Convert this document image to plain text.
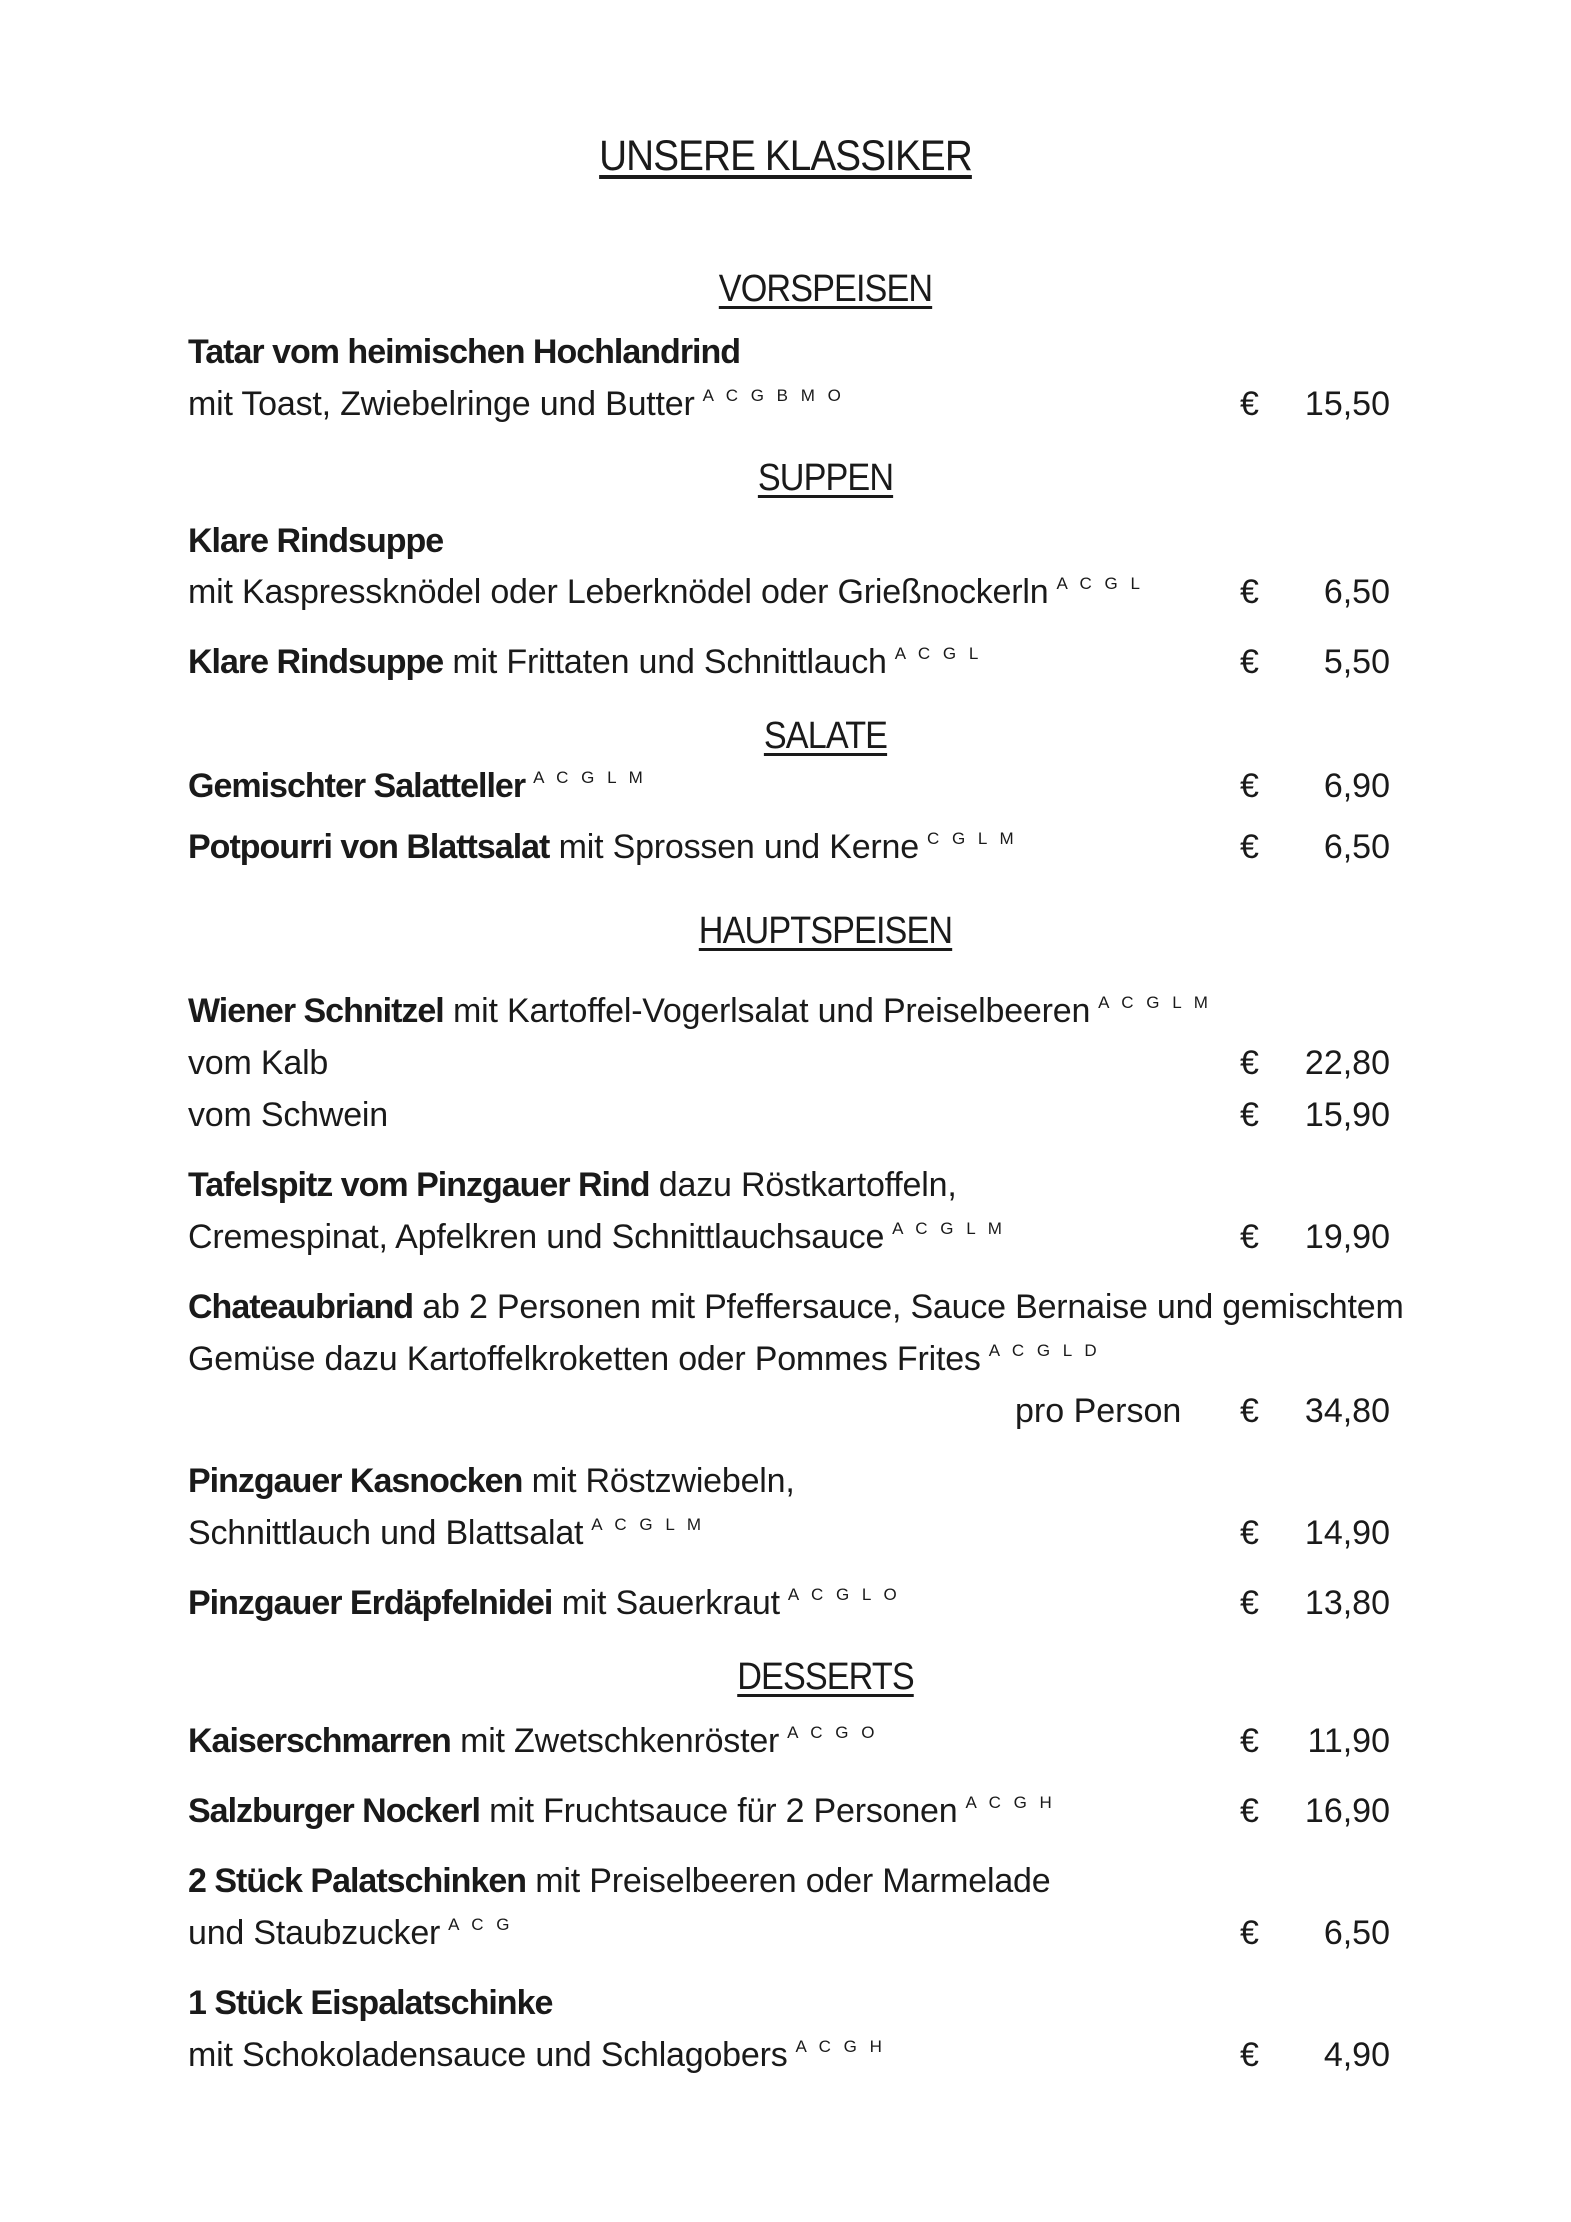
UNSERE KLASSIKER
VORSPEISEN
Tatar vom heimischen Hochlandrind
mit Toast, Zwiebelringe und Butter $^{A C G B M O}$	€	15,50
SUPPEN
Klare Rindsuppe
mit Kaspressknödel oder Leberknödel oder Grießnockerln $^{A C G L}$	€	6,50
Klare Rindsuppe mit Frittaten und Schnittlauch $^{A C G L}$	€	5,50
SALATE
Gemischter Salatteller $^{A C G L M}$	€	6,90
Potpourri von Blattsalat mit Sprossen und Kerne $^{C G L M}$	€	6,50
HAUPTSPEISEN
Wiener Schnitzel mit Kartoffel-Vogerlsalat und Preiselbeeren $^{A C G L M}$
vom Kalb	€	22,80
vom Schwein	€	15,90
Tafelspitz vom Pinzgauer Rind dazu Röstkartoffeln,
Cremespinat, Apfelkren und Schnittlauchsauce $^{A C G L M}$	€	19,90
Chateaubriand ab 2 Personen mit Pfeffersauce, Sauce Bernaise und gemischtem
Gemüse dazu Kartoffelkroketten oder Pommes Frites $^{A C G L D}$
pro Person €	34,80
Pinzgauer Kasnocken mit Röstzwiebeln,
Schnittlauch und Blattsalat $^{A C G L M}$	€	14,90
Pinzgauer Erdäpfelnidei mit Sauerkraut $^{A C G L O}$	€	13,80
DESSERTS
Kaiserschmarren mit Zwetschkenröster $^{A C G O}$	€	11,90
Salzburger Nockerl mit Fruchtsauce für 2 Personen $^{A C G H}$	€	16,90
2 Stück Palatschinken mit Preiselbeeren oder Marmelade
und Staubzucker $^{A C G}$	€	6,50
1 Stück Eispalatschinke
mit Schokoladensauce und Schlagobers $^{A C G H}$	€	4,90
